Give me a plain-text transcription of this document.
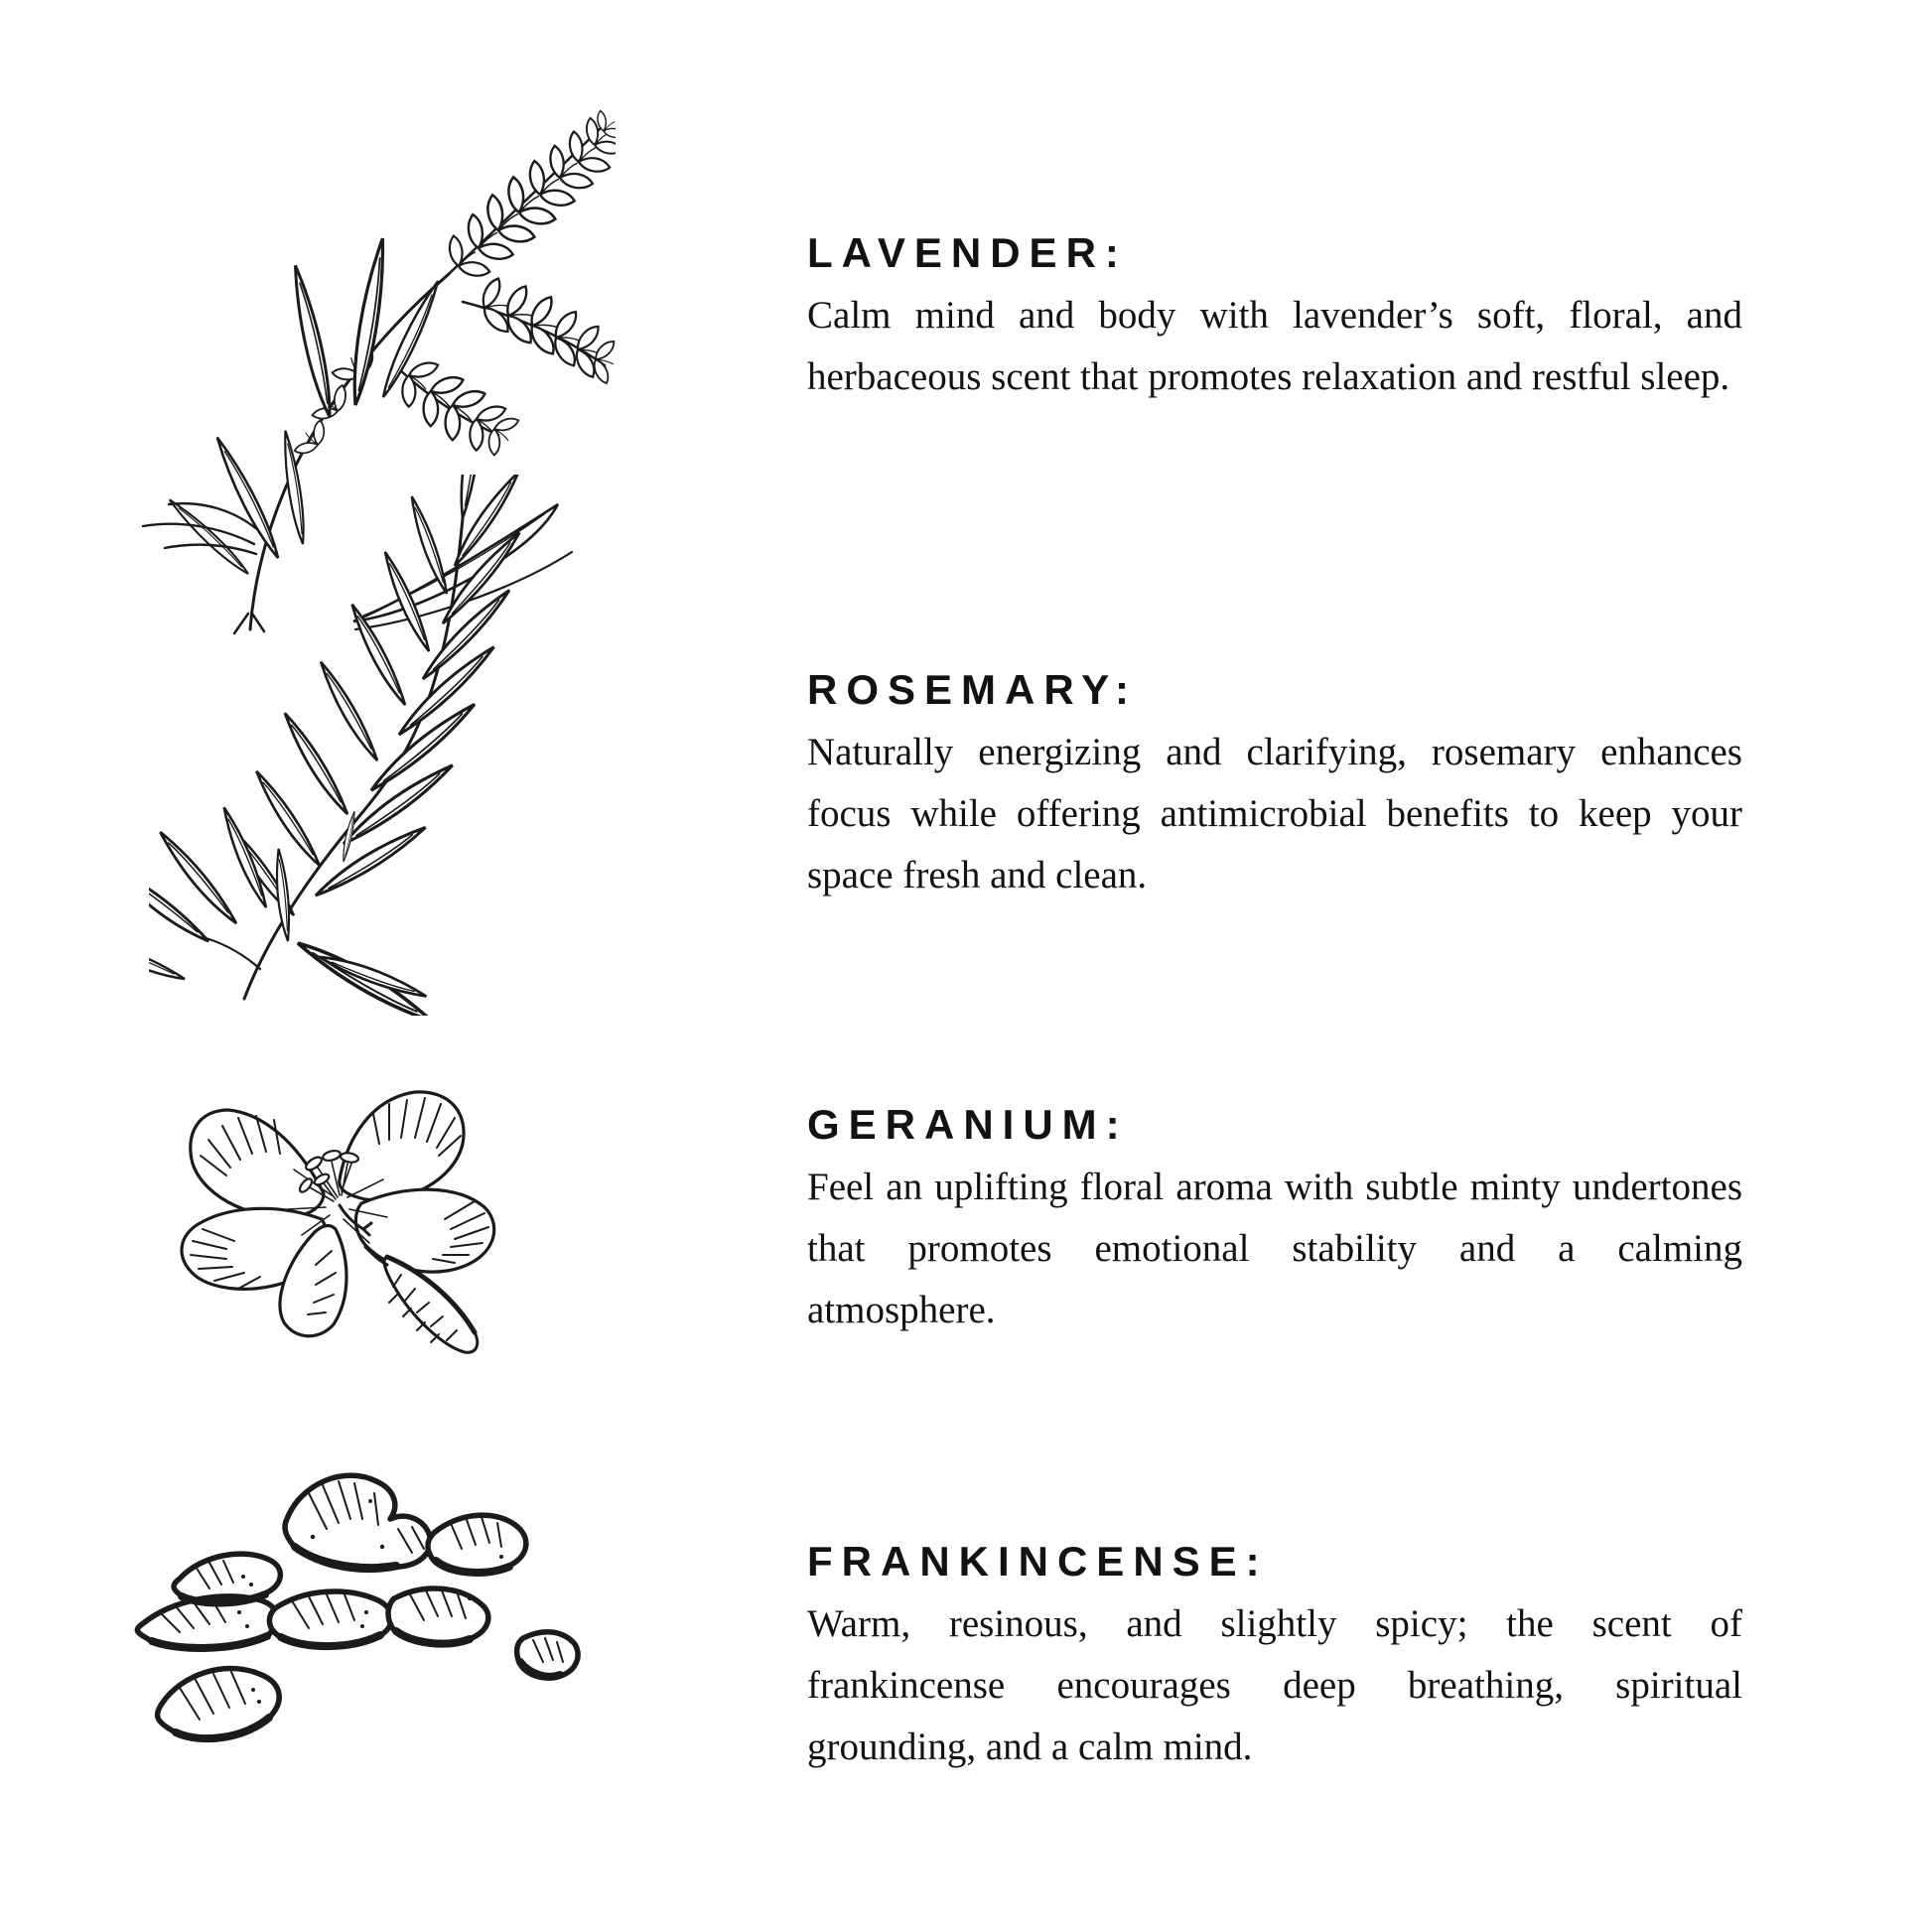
LAVENDER:

Calm mind and body with lavender’s soft, floral, and herbaceous scent that promotes relaxation and restful sleep.

ROSEMARY:

Naturally energizing and clarifying, rosemary enhances focus while offering antimicrobial benefits to keep your space fresh and clean.

GERANIUM:

Feel an uplifting floral aroma with subtle minty undertones that promotes emotional stability and a calming atmosphere.

FRANKINCENSE:

Warm, resinous, and slightly spicy; the scent of frankincense encourages deep breathing, spiritual grounding, and a calm mind.
